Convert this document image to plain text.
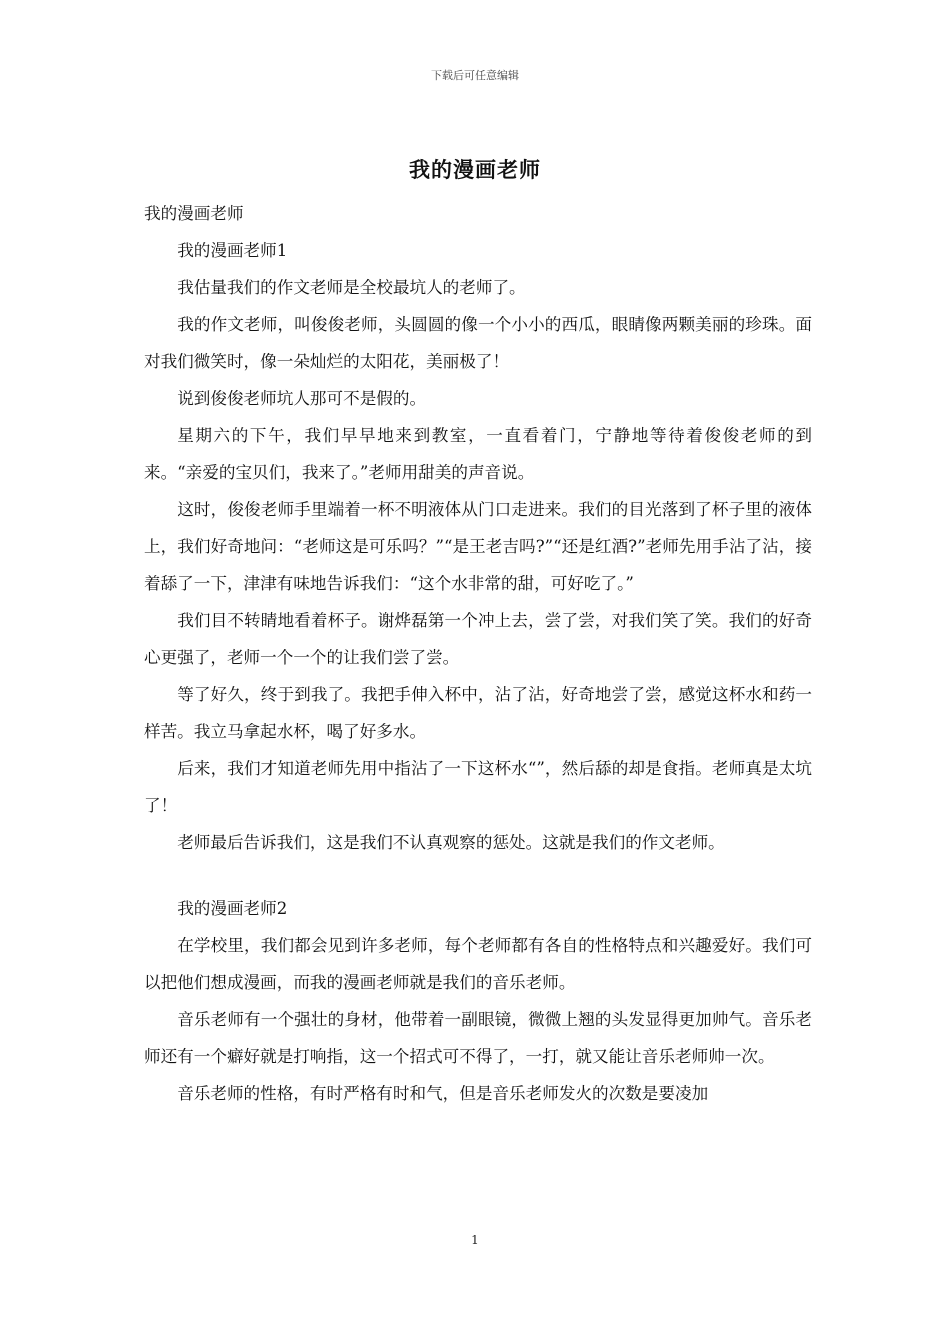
下载后可任意编辑
我的漫画老师

我的漫画老师

我的漫画老师1

我估量我们的作文老师是全校最坑人的老师了。

我的作文老师，叫俊俊老师，头圆圆的像一个小小的西瓜，眼睛像两颗美丽的珍珠。面对我们微笑时，像一朵灿烂的太阳花，美丽极了！

说到俊俊老师坑人那可不是假的。

星期六的下午，我们早早地来到教室，一直看着门，宁静地等待着俊俊老师的到来。“亲爱的宝贝们，我来了。”老师用甜美的声音说。

这时，俊俊老师手里端着一杯不明液体从门口走进来。我们的目光落到了杯子里的液体上，我们好奇地问：“老师这是可乐吗？”“是王老吉吗?”“还是红酒?”老师先用手沾了沾，接着舔了一下，津津有味地告诉我们：“这个水非常的甜，可好吃了。”

我们目不转睛地看着杯子。谢烨磊第一个冲上去，尝了尝，对我们笑了笑。我们的好奇心更强了，老师一个一个的让我们尝了尝。

等了好久，终于到我了。我把手伸入杯中，沾了沾，好奇地尝了尝，感觉这杯水和药一样苦。我立马拿起水杯，喝了好多水。

后来，我们才知道老师先用中指沾了一下这杯水“”，然后舔的却是食指。老师真是太坑了！

老师最后告诉我们，这是我们不认真观察的惩处。这就是我们的作文老师。

我的漫画老师2

在学校里，我们都会见到许多老师，每个老师都有各自的性格特点和兴趣爱好。我们可以把他们想成漫画，而我的漫画老师就是我们的音乐老师。

音乐老师有一个强壮的身材，他带着一副眼镜，微微上翘的头发显得更加帅气。音乐老师还有一个癖好就是打响指，这一个招式可不得了，一打，就又能让音乐老师帅一次。

音乐老师的性格，有时严格有时和气，但是音乐老师发火的次数是要凌加

1
